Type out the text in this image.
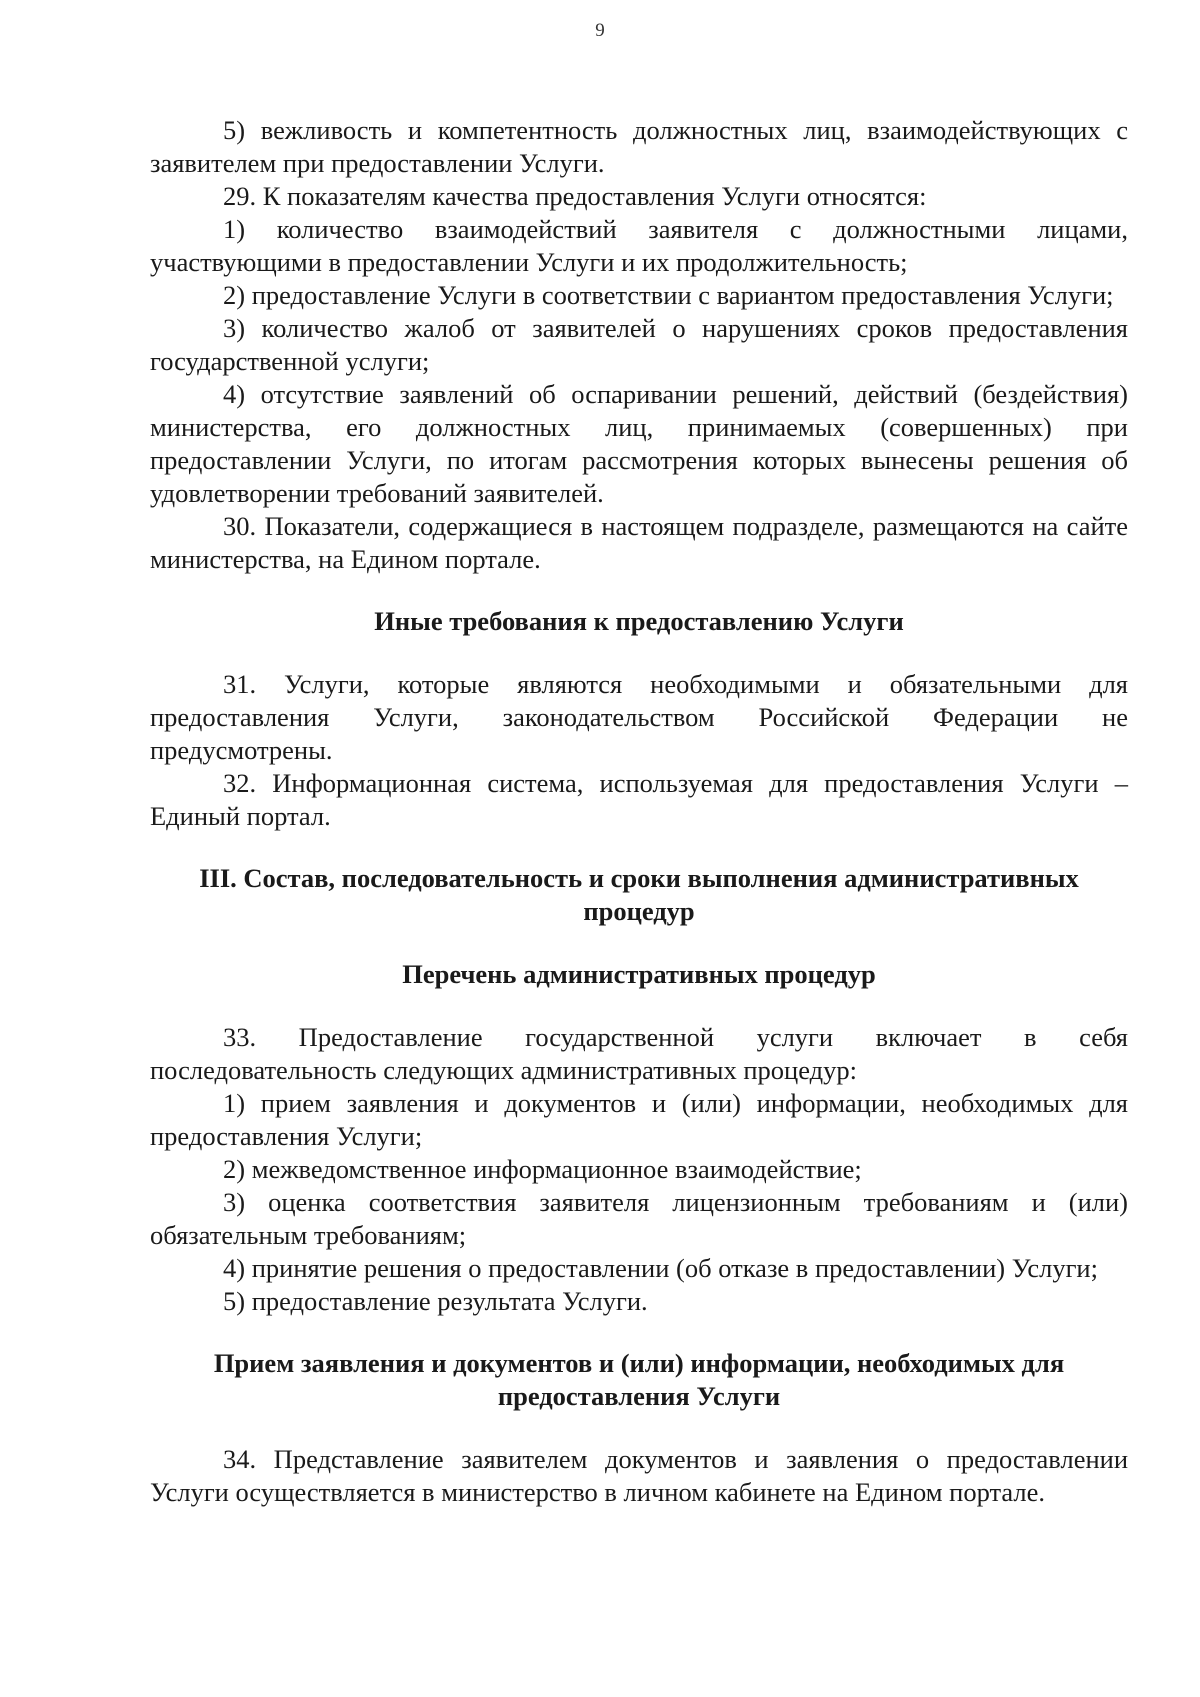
9

5) вежливость и компетентность должностных лиц, взаимодействующих с заявителем при предоставлении Услуги.

29. К показателям качества предоставления Услуги относятся:

1) количество взаимодействий заявителя с должностными лицами, участвующими в предоставлении Услуги и их продолжительность;

2) предоставление Услуги в соответствии с вариантом предоставления Услуги;

3) количество жалоб от заявителей о нарушениях сроков предоставления государственной услуги;

4) отсутствие заявлений об оспаривании решений, действий (бездействия) министерства, его должностных лиц, принимаемых (совершенных) при предоставлении Услуги, по итогам рассмотрения которых вынесены решения об удовлетворении требований заявителей.

30. Показатели, содержащиеся в настоящем подразделе, размещаются на сайте министерства, на Едином портале.

Иные требования к предоставлению Услуги

31. Услуги, которые являются необходимыми и обязательными для предоставления Услуги, законодательством Российской Федерации не предусмотрены.

32. Информационная система, используемая для предоставления Услуги – Единый портал.

III. Состав, последовательность и сроки выполнения административных процедур
Перечень административных процедур

33. Предоставление государственной услуги включает в себя последовательность следующих административных процедур:

1) прием заявления и документов и (или) информации, необходимых для предоставления Услуги;

2) межведомственное информационное взаимодействие;

3) оценка соответствия заявителя лицензионным требованиям и (или) обязательным требованиям;

4) принятие решения о предоставлении (об отказе в предоставлении) Услуги;

5) предоставление результата Услуги.

Прием заявления и документов и (или) информации, необходимых для предоставления Услуги

34. Представление заявителем документов и заявления о предоставлении Услуги осуществляется в министерство в личном кабинете на Едином портале.
